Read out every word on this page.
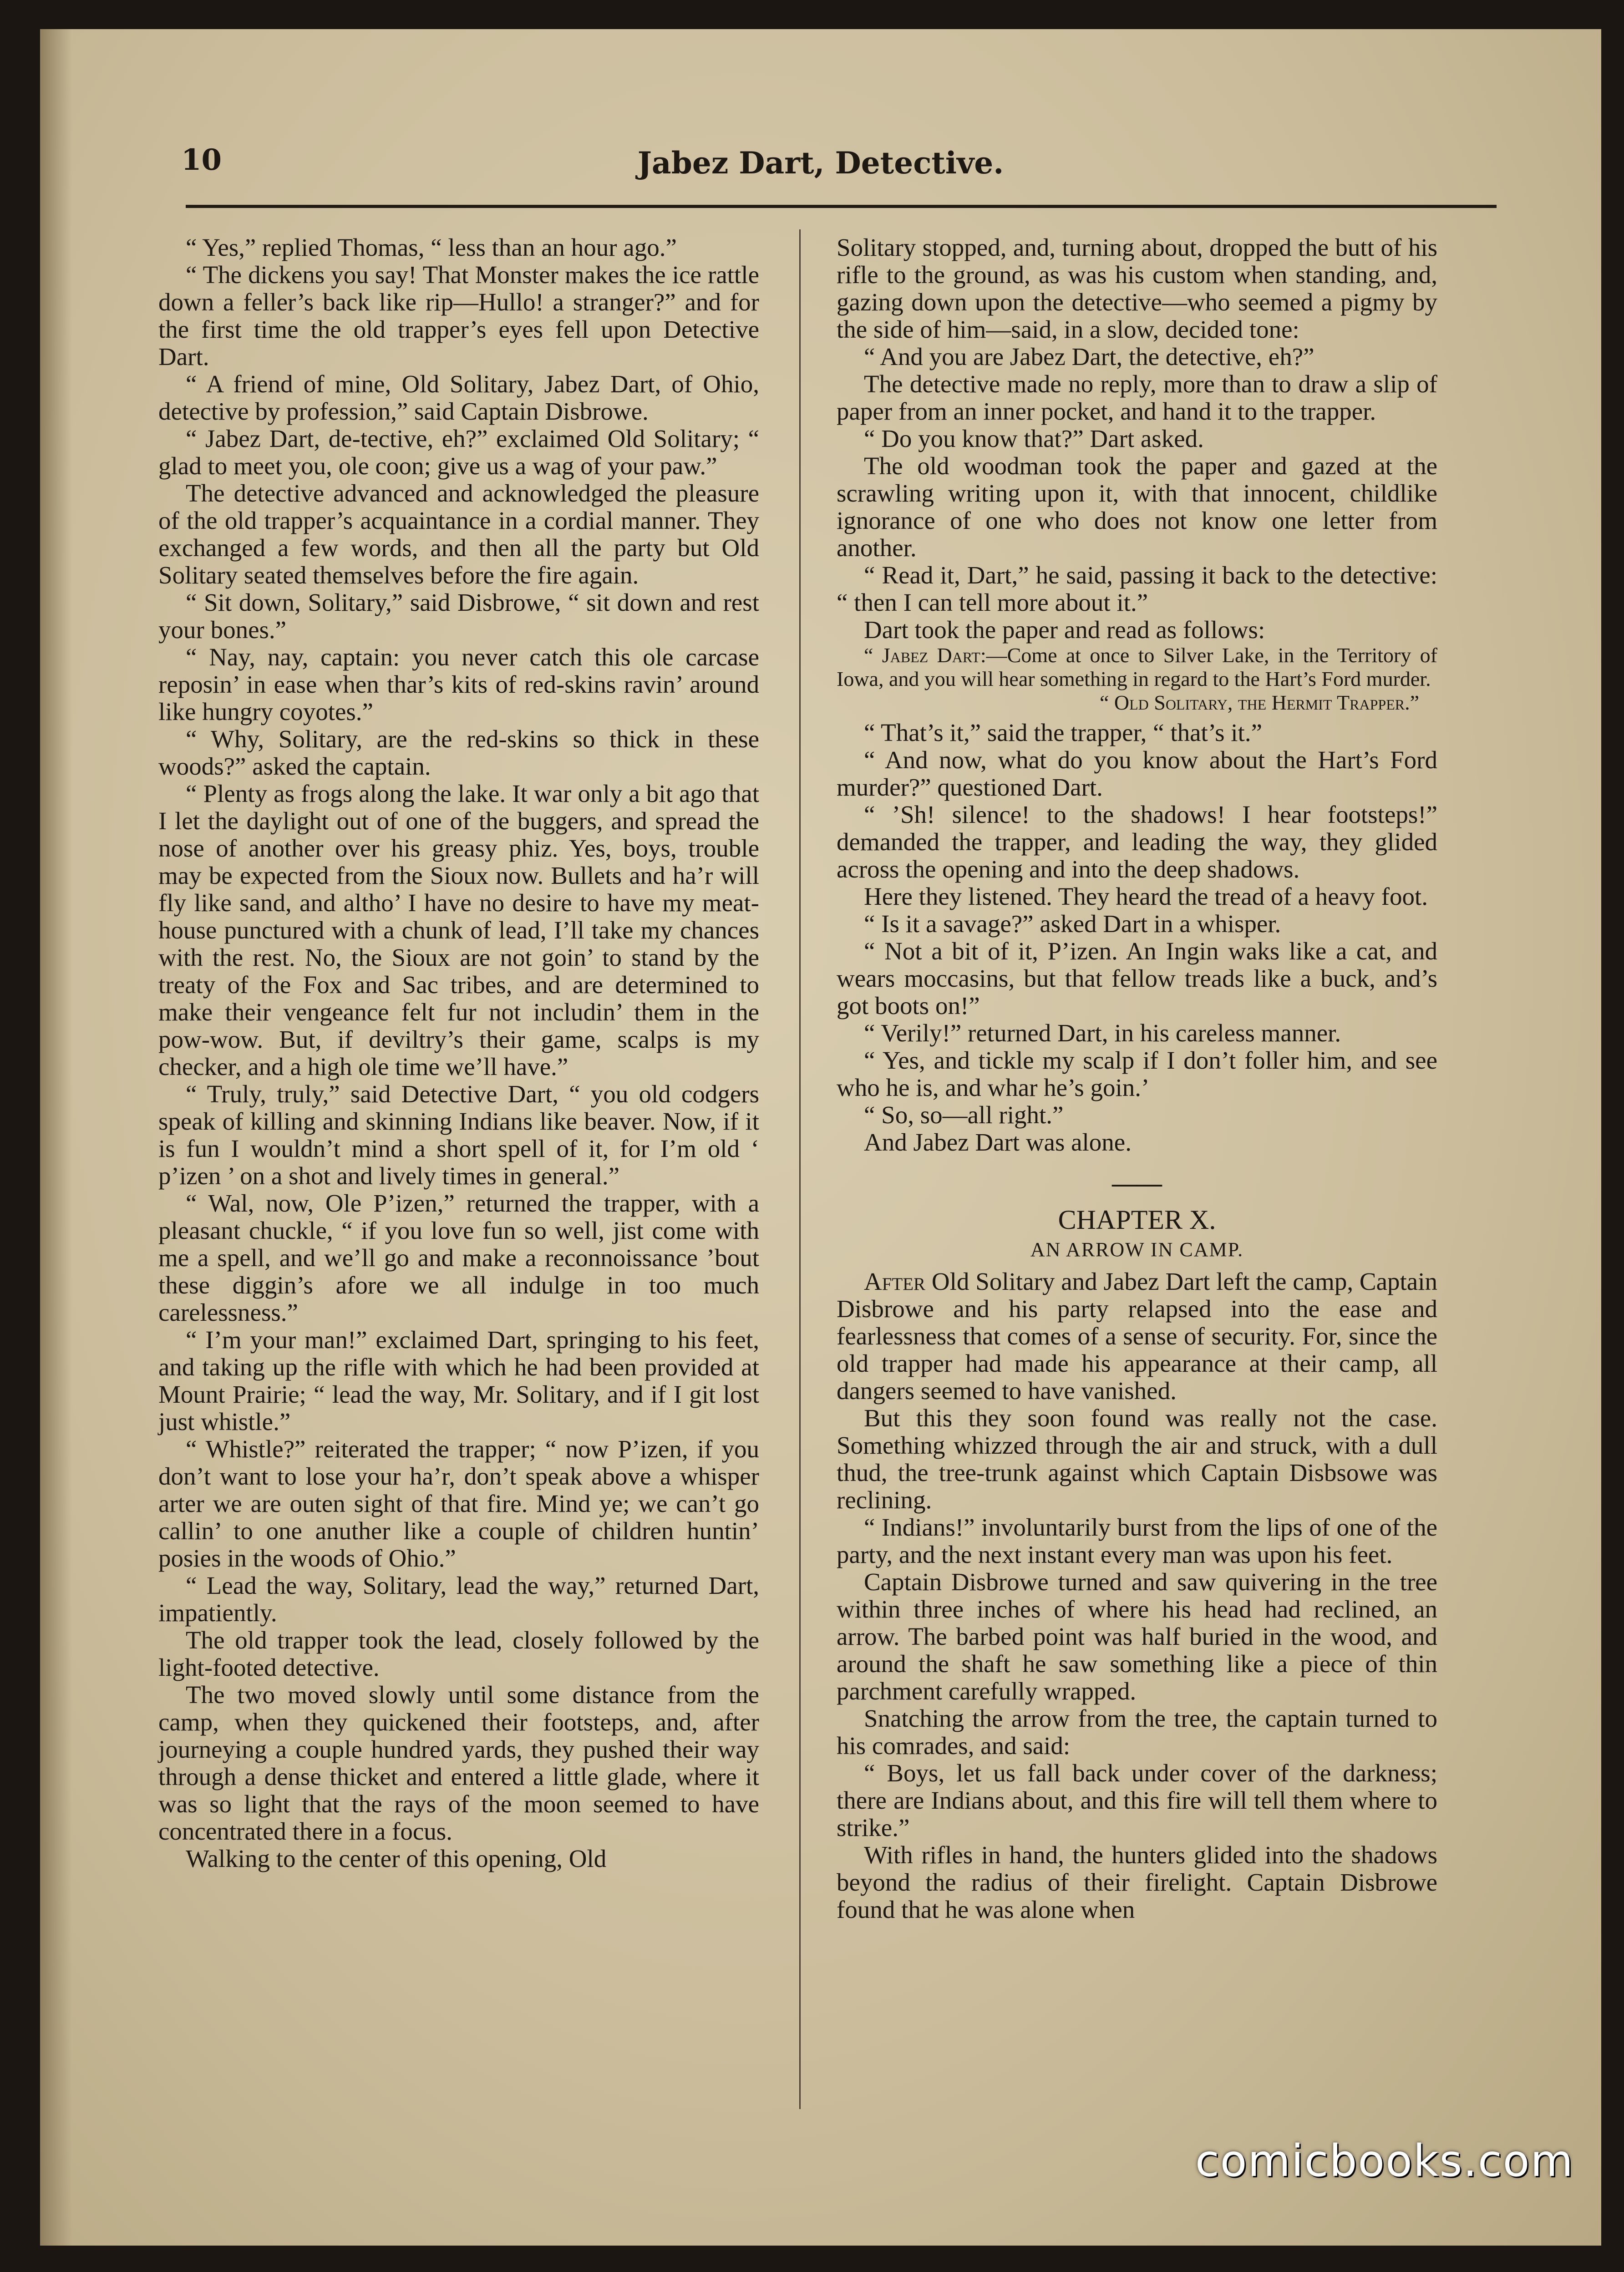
10	Jabez Dart, Detective.

“ Yes,” replied Thomas, “ less than an hour ago.”

“ The dickens you say! That Monster makes the ice rattle down a feller’s back like rip—Hullo! a stranger?” and for the first time the old trapper’s eyes fell upon Detective Dart.

“ A friend of mine, Old Solitary, Jabez Dart, of Ohio, detective by profession,” said Captain Disbrowe.

“ Jabez Dart, de-tective, eh?” exclaimed Old Solitary; “ glad to meet you, ole coon; give us a wag of your paw.”

The detective advanced and acknowledged the pleasure of the old trapper’s acquaintance in a cordial manner. They exchanged a few words, and then all the party but Old Solitary seated themselves before the fire again.

“ Sit down, Solitary,” said Disbrowe, “ sit down and rest your bones.”

“ Nay, nay, captain: you never catch this ole carcase reposin’ in ease when thar’s kits of red-skins ravin’ around like hungry coyotes.”

“ Why, Solitary, are the red-skins so thick in these woods?” asked the captain.

“ Plenty as frogs along the lake. It war only a bit ago that I let the daylight out of one of the buggers, and spread the nose of another over his greasy phiz. Yes, boys, trouble may be expected from the Sioux now. Bullets and ha’r will fly like sand, and altho’ I have no desire to have my meat-house punctured with a chunk of lead, I’ll take my chances with the rest. No, the Sioux are not goin’ to stand by the treaty of the Fox and Sac tribes, and are determined to make their vengeance felt fur not includin’ them in the pow-wow. But, if deviltry’s their game, scalps is my checker, and a high ole time we’ll have.”

“ Truly, truly,” said Detective Dart, “ you old codgers speak of killing and skinning Indians like beaver. Now, if it is fun I wouldn’t mind a short spell of it, for I’m old ‘ p’izen ’ on a shot and lively times in general.”

“ Wal, now, Ole P’izen,” returned the trapper, with a pleasant chuckle, “ if you love fun so well, jist come with me a spell, and we’ll go and make a reconnoissance ’bout these diggin’s afore we all indulge in too much carelessness.”

“ I’m your man!” exclaimed Dart, springing to his feet, and taking up the rifle with which he had been provided at Mount Prairie; “ lead the way, Mr. Solitary, and if I git lost just whistle.”

“ Whistle?” reiterated the trapper; “ now P’izen, if you don’t want to lose your ha’r, don’t speak above a whisper arter we are outen sight of that fire. Mind ye; we can’t go callin’ to one anuther like a couple of children huntin’ posies in the woods of Ohio.”

“ Lead the way, Solitary, lead the way,” returned Dart, impatiently.

The old trapper took the lead, closely followed by the light-footed detective.

The two moved slowly until some distance from the camp, when they quickened their footsteps, and, after journeying a couple hundred yards, they pushed their way through a dense thicket and entered a little glade, where it was so light that the rays of the moon seemed to have concentrated there in a focus.

Walking to the center of this opening, Old

Solitary stopped, and, turning about, dropped the butt of his rifle to the ground, as was his custom when standing, and, gazing down upon the detective—who seemed a pigmy by the side of him—said, in a slow, decided tone:

“ And you are Jabez Dart, the detective, eh?”

The detective made no reply, more than to draw a slip of paper from an inner pocket, and hand it to the trapper.

“ Do you know that?” Dart asked.

The old woodman took the paper and gazed at the scrawling writing upon it, with that innocent, childlike ignorance of one who does not know one letter from another.

“ Read it, Dart,” he said, passing it back to the detective: “ then I can tell more about it.”

Dart took the paper and read as follows:

“ Jabez Dart:—Come at once to Silver Lake, in the Territory of Iowa, and you will hear something in regard to the Hart’s Ford murder.

“ Old Solitary, the Hermit Trapper.”

“ That’s it,” said the trapper, “ that’s it.”

“ And now, what do you know about the Hart’s Ford murder?” questioned Dart.

“ ’Sh! silence! to the shadows! I hear footsteps!” demanded the trapper, and leading the way, they glided across the opening and into the deep shadows.

Here they listened. They heard the tread of a heavy foot.

“ Is it a savage?” asked Dart in a whisper.

“ Not a bit of it, P’izen. An Ingin waks like a cat, and wears moccasins, but that fellow treads like a buck, and’s got boots on!”

“ Verily!” returned Dart, in his careless manner.

“ Yes, and tickle my scalp if I don’t foller him, and see who he is, and whar he’s goin.’

“ So, so—all right.”

And Jabez Dart was alone.

——
CHAPTER X.
AN ARROW IN CAMP.

After Old Solitary and Jabez Dart left the camp, Captain Disbrowe and his party relapsed into the ease and fearlessness that comes of a sense of security. For, since the old trapper had made his appearance at their camp, all dangers seemed to have vanished.

But this they soon found was really not the case. Something whizzed through the air and struck, with a dull thud, the tree-trunk against which Captain Disbsowe was reclining.

“ Indians!” involuntarily burst from the lips of one of the party, and the next instant every man was upon his feet.

Captain Disbrowe turned and saw quivering in the tree within three inches of where his head had reclined, an arrow. The barbed point was half buried in the wood, and around the shaft he saw something like a piece of thin parchment carefully wrapped.

Snatching the arrow from the tree, the captain turned to his comrades, and said:

“ Boys, let us fall back under cover of the darkness; there are Indians about, and this fire will tell them where to strike.”

With rifles in hand, the hunters glided into the shadows beyond the radius of their firelight. Captain Disbrowe found that he was alone when

comicbooks.com
